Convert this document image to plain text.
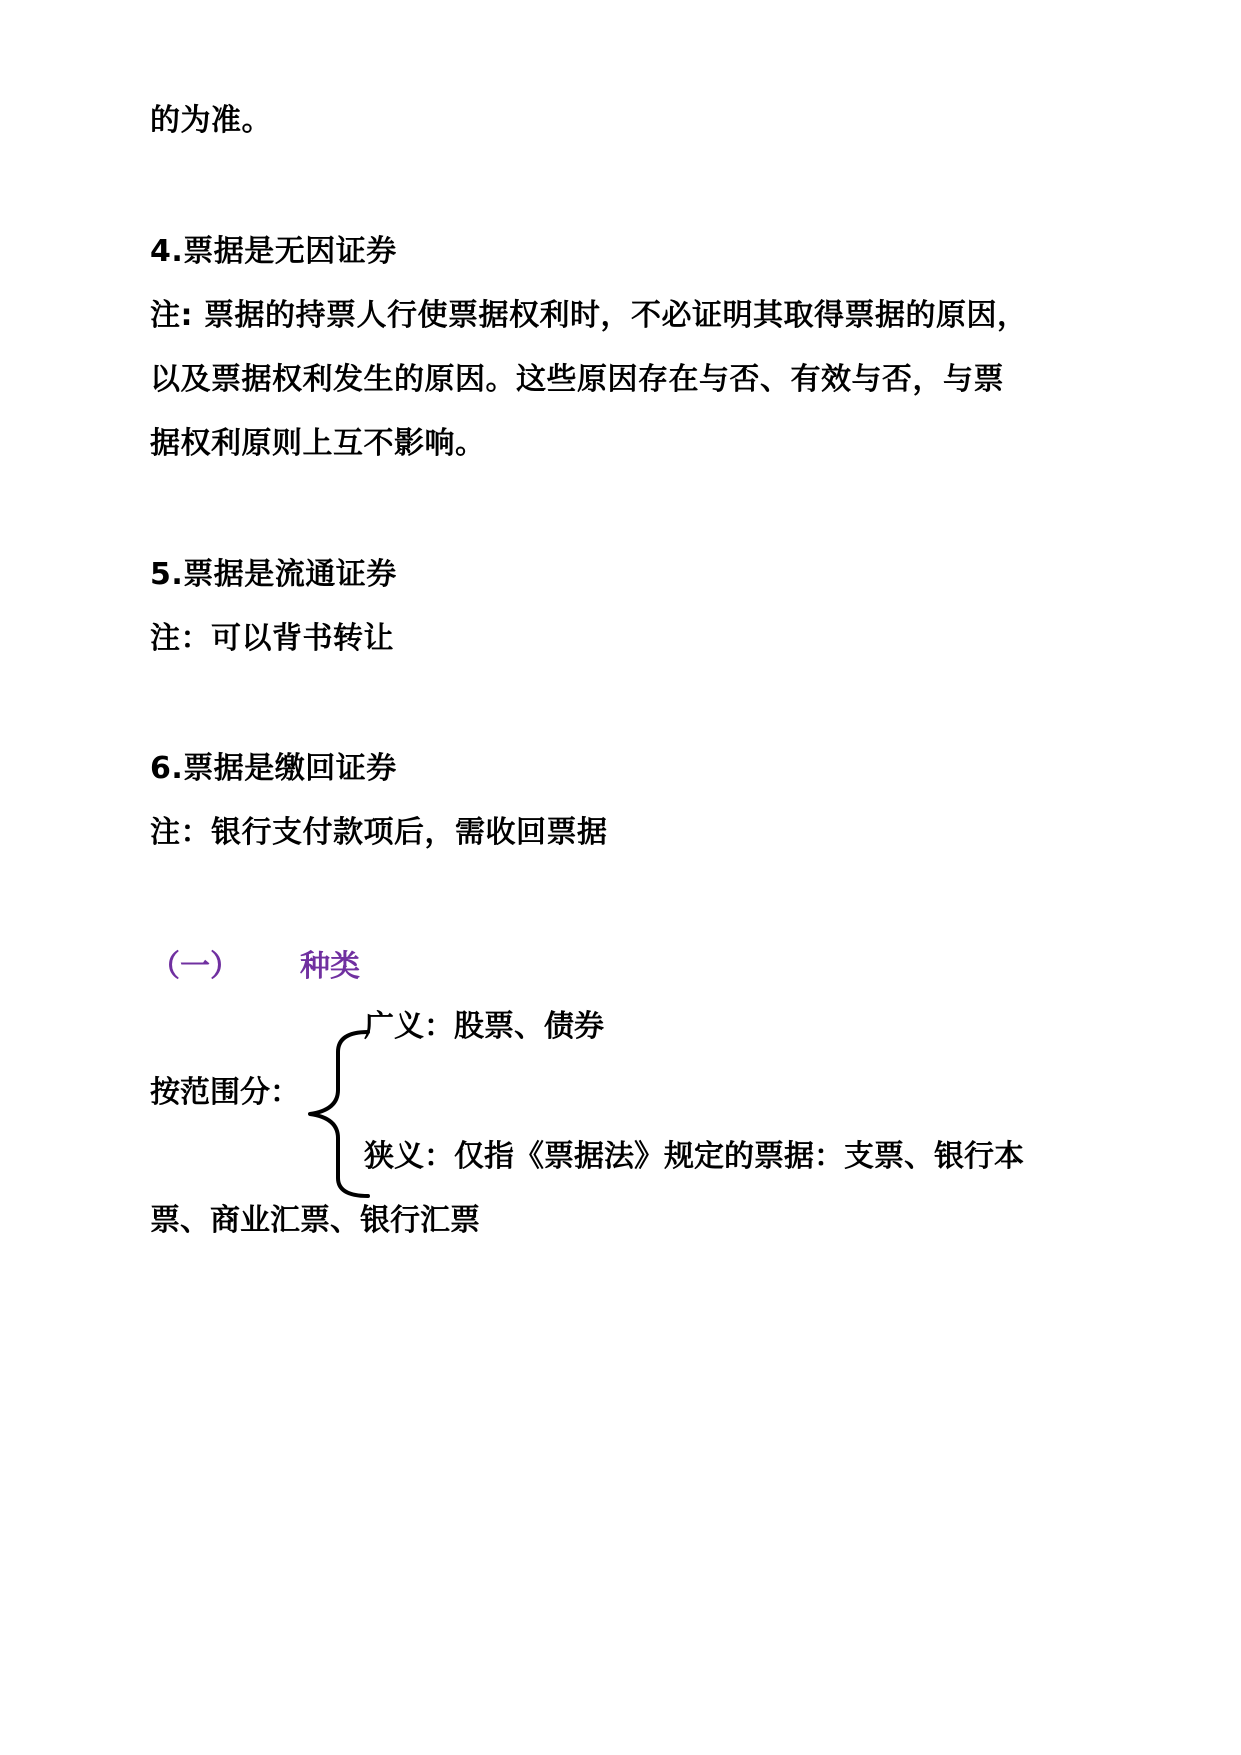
的为准。
4.票据是无因证券
注: 票据的持票人行使票据权利时，不必证明其取得票据的原因，
以及票据权利发生的原因。这些原因存在与否、有效与否，与票
据权利原则上互不影响。
5.票据是流通证券
注：可以背书转让
6.票据是缴回证券
注：银行支付款项后，需收回票据
（一） 种类
按范围分：
广义：股票、债券
狭义：仅指《票据法》规定的票据：支票、银行本
票、商业汇票、银行汇票
